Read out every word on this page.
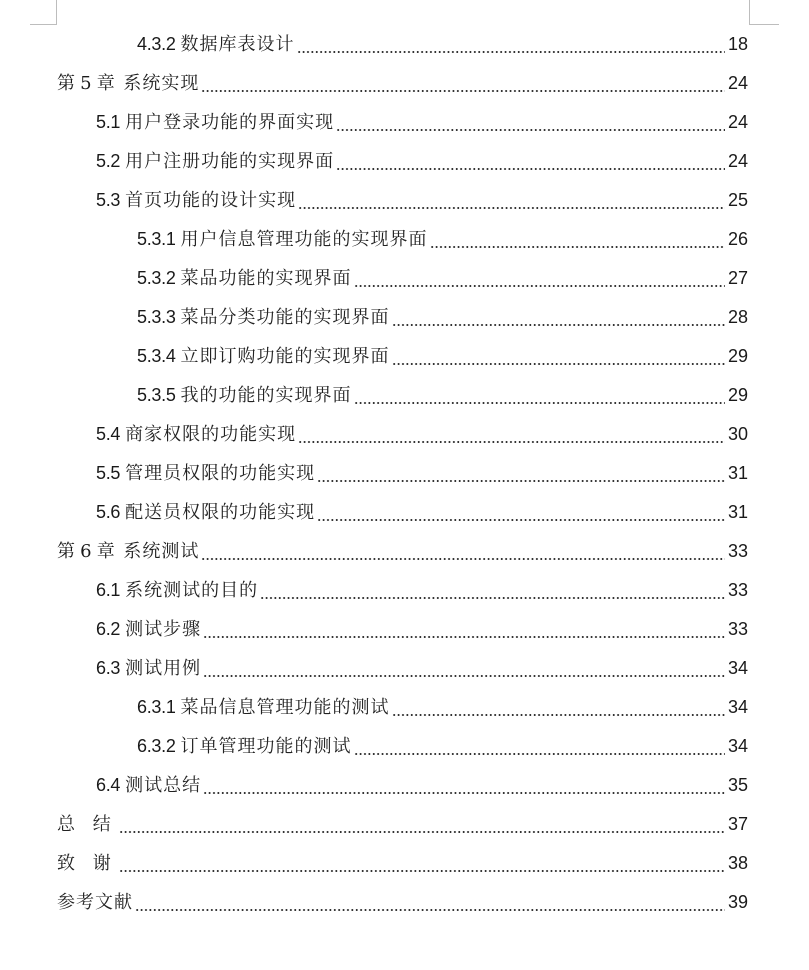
4.3.2 数据库表设计	18
第 5 章 系统实现	24
5.1 用户登录功能的界面实现	24
5.2 用户注册功能的实现界面	24
5.3 首页功能的设计实现	25
5.3.1 用户信息管理功能的实现界面	26
5.3.2 菜品功能的实现界面	27
5.3.3 菜品分类功能的实现界面	28
5.3.4 立即订购功能的实现界面	29
5.3.5 我的功能的实现界面	29
5.4 商家权限的功能实现	30
5.5 管理员权限的功能实现	31
5.6 配送员权限的功能实现	31
第 6 章 系统测试	33
6.1 系统测试的目的	33
6.2 测试步骤	33
6.3 测试用例	34
6.3.1 菜品信息管理功能的测试	34
6.3.2 订单管理功能的测试	34
6.4 测试总结	35
总 结	37
致 谢	38
参考文献	39
